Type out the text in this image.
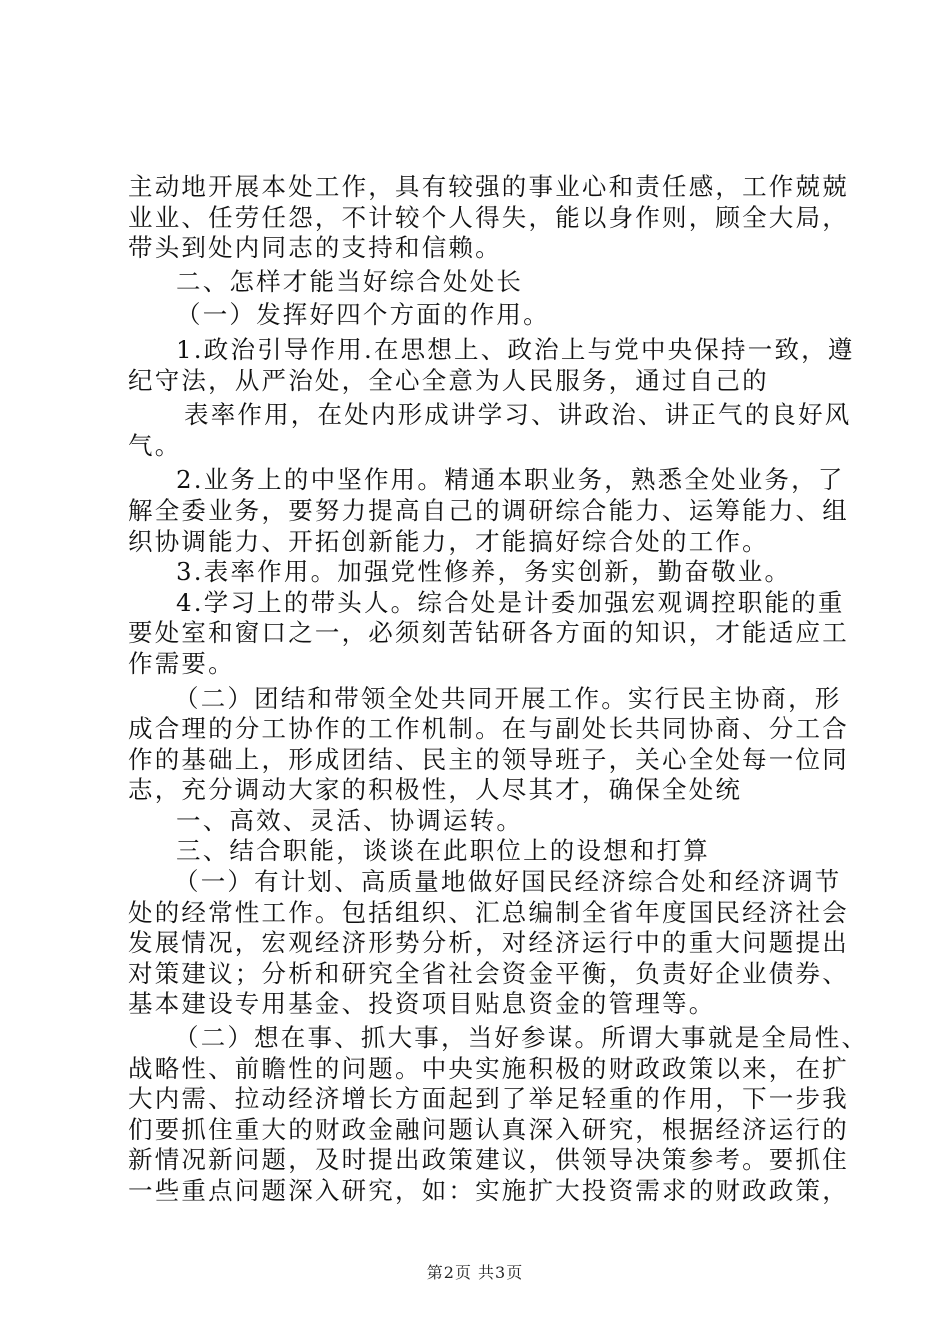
主动地开展本处工作，具有较强的事业心和责任感，工作兢兢
业业、任劳任怨，不计较个人得失，能以身作则，顾全大局，
带头到处内同志的支持和信赖。
二、怎样才能当好综合处处长
（一）发挥好四个方面的作用。
1.政治引导作用.在思想上、政治上与党中央保持一致，遵
纪守法，从严治处，全心全意为人民服务，通过自己的
表率作用，在处内形成讲学习、讲政治、讲正气的良好风
气。
2.业务上的中坚作用。精通本职业务，熟悉全处业务，了
解全委业务，要努力提高自己的调研综合能力、运筹能力、组
织协调能力、开拓创新能力，才能搞好综合处的工作。
3.表率作用。加强党性修养，务实创新，勤奋敬业。
4.学习上的带头人。综合处是计委加强宏观调控职能的重
要处室和窗口之一，必须刻苦钻研各方面的知识，才能适应工
作需要。
（二）团结和带领全处共同开展工作。实行民主协商，形
成合理的分工协作的工作机制。在与副处长共同协商、分工合
作的基础上，形成团结、民主的领导班子，关心全处每一位同
志，充分调动大家的积极性，人尽其才，确保全处统
一、高效、灵活、协调运转。
三、结合职能，谈谈在此职位上的设想和打算
（一）有计划、高质量地做好国民经济综合处和经济调节
处的经常性工作。包括组织、汇总编制全省年度国民经济社会
发展情况，宏观经济形势分析，对经济运行中的重大问题提出
对策建议；分析和研究全省社会资金平衡，负责好企业债券、
基本建设专用基金、投资项目贴息资金的管理等。
（二）想在事、抓大事，当好参谋。所谓大事就是全局性、
战略性、前瞻性的问题。中央实施积极的财政政策以来，在扩
大内需、拉动经济增长方面起到了举足轻重的作用，下一步我
们要抓住重大的财政金融问题认真深入研究，根据经济运行的
新情况新问题，及时提出政策建议，供领导决策参考。要抓住
一些重点问题深入研究，如：实施扩大投资需求的财政政策，
第2页 共3页
